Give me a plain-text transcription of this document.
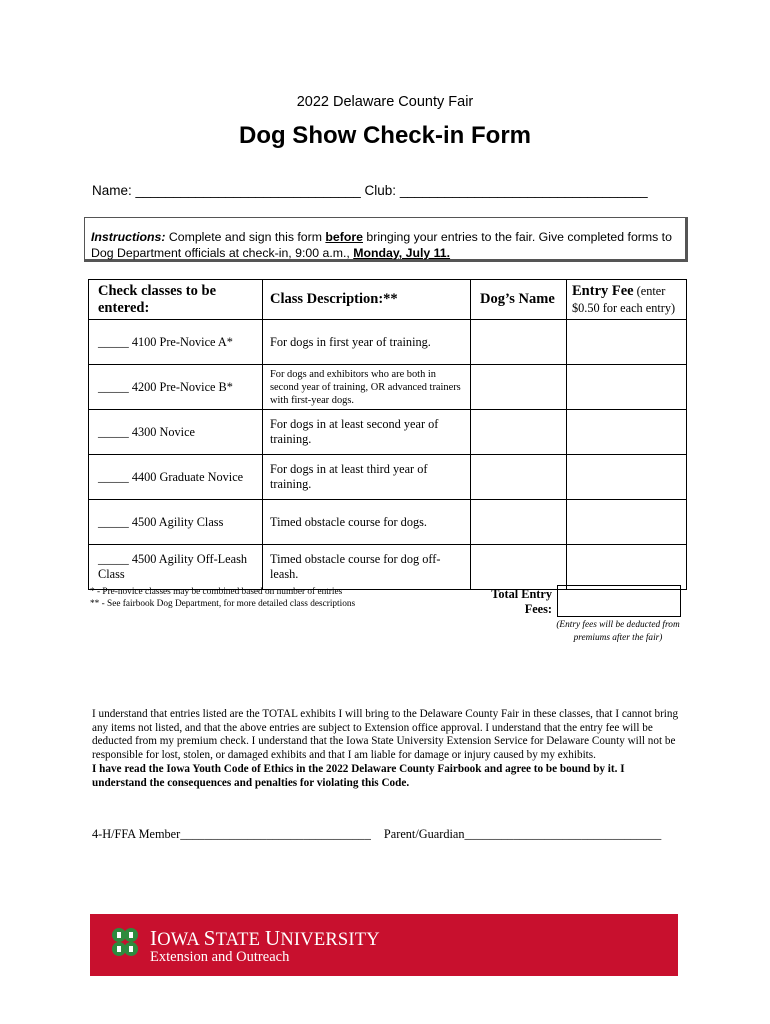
2022 Delaware County Fair
Dog Show Check-in Form
Name: ______________________________ Club: _________________________________
Instructions: Complete and sign this form before bringing your entries to the fair. Give completed forms to Dog Department officials at check-in, 9:00 a.m., Monday, July 11.
Check classes to be entered:	Class Description:**	Dog’s Name	Entry Fee (enter
$0.50 for each entry)
_____ 4100 Pre-Novice A*	For dogs in first year of training.		
_____ 4200 Pre-Novice B*	For dogs and exhibitors who are both in second year of training, OR advanced trainers with first-year dogs.		
_____ 4300 Novice	For dogs in at least second year of training.		
_____ 4400 Graduate Novice	For dogs in at least third year of training.		
_____ 4500 Agility Class	Timed obstacle course for dogs.		
_____ 4500 Agility Off-Leash Class	Timed obstacle course for dog off-leash.		
* - Pre-novice classes may be combined based on number of entries
** - See fairbook Dog Department, for more detailed class descriptions
Total Entry
Fees:
(Entry fees will be deducted from premiums after the fair)
I understand that entries listed are the TOTAL exhibits I will bring to the Delaware County Fair in these classes, that I cannot bring any items not listed, and that the above entries are subject to Extension office approval. I understand that the entry fee will be deducted from my premium check. I understand that the Iowa State University Extension Service for Delaware County will not be responsible for lost, stolen, or damaged exhibits and that I am liable for damage or injury caused by my exhibits.
I have read the Iowa Youth Code of Ethics in the 2022 Delaware County Fairbook and agree to be bound by it. I understand the consequences and penalties for violating this Code.
4-H/FFA Member_______________________________ Parent/Guardian________________________________
IOWA STATE UNIVERSITY
Extension and Outreach
